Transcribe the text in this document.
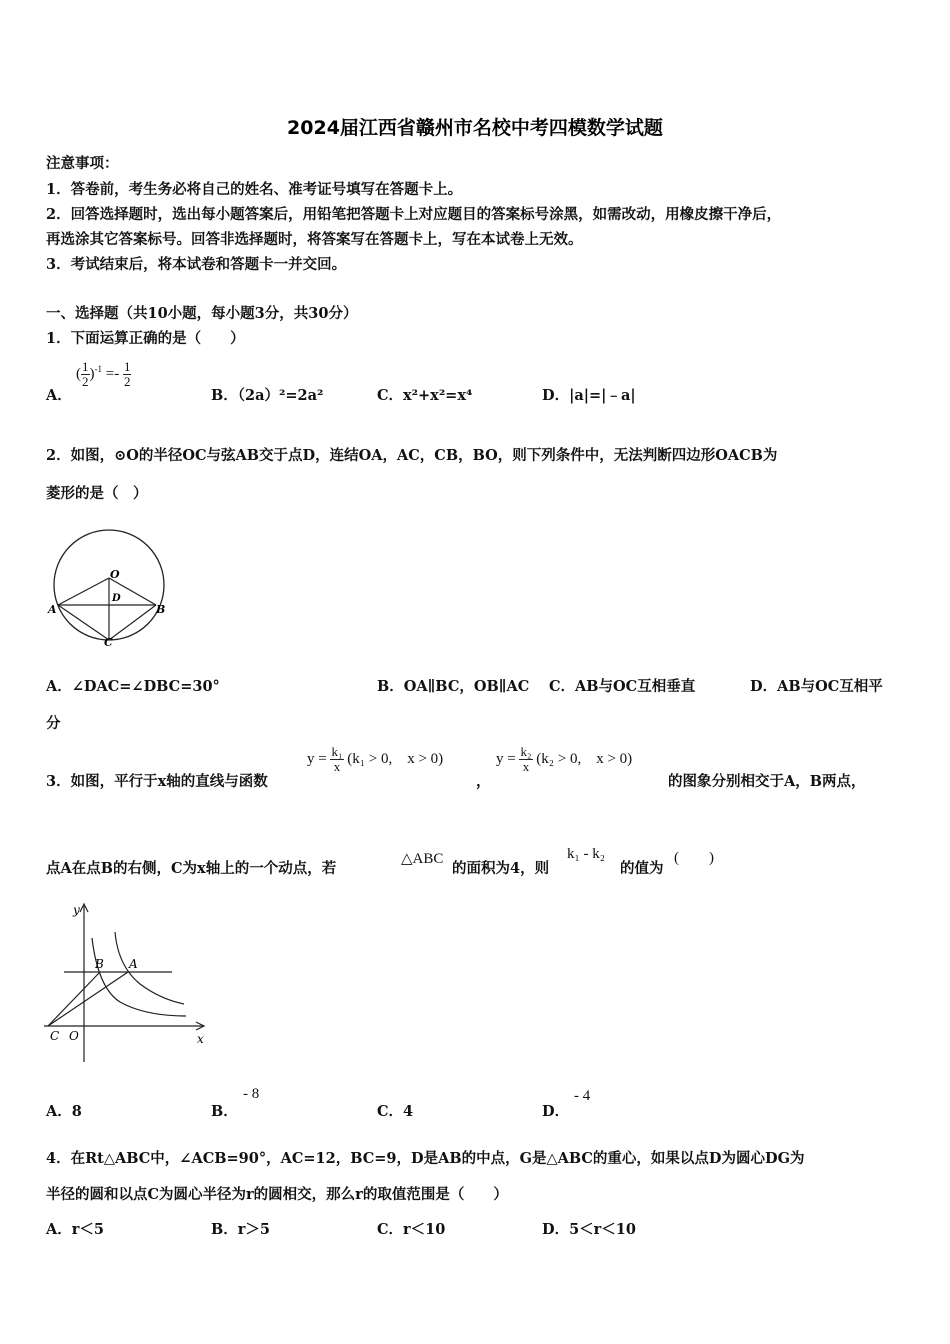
2024届江西省赣州市名校中考四模数学试题
注意事项：
1．答卷前，考生务必将自己的姓名、准考证号填写在答题卡上。
2．回答选择题时，选出每小题答案后，用铅笔把答题卡上对应题目的答案标号涂黑，如需改动，用橡皮擦干净后，
再选涂其它答案标号。回答非选择题时，将答案写在答题卡上，写在本试卷上无效。
3．考试结束后，将本试卷和答题卡一并交回。
一、选择题（共10小题，每小题3分，共30分）
1．下面运算正确的是（　　）
A．
( $\frac{1}{2} )^{-1} =- \frac{1}{2}$
B．（2a）²=2a²	C．x²+x²=x⁴	D．|a|=|﹣a|
2．如图，⊙O的半径OC与弦AB交于点D，连结OA，AC，CB，BO，则下列条件中，无法判断四边形OACB为
菱形的是（　）
O
A	B
C
D
A．∠DAC=∠DBC=30°	B．OA∥BC，OB∥AC C．AB与OC互相垂直	D．AB与OC互相平
分
3．如图，平行于x轴的直线与函数
$y = \frac{\text{k₁}}{x} (k_1 > 0$,　x > 0)
，
$y = \frac{\text{k₂}}{x} (k_2 > 0$,　x > 0)
的图象分别相交于A，B两点，
点A在点B的右侧，C为x轴上的一个动点，若
△ABC
的面积为4，则
k₁ - k₂
的值为
(　　)
y
x
B A
C O
A．8	B．
- 8
C．4	D．
- 4
4．在Rt△ABC中，∠ACB=90°，AC=12，BC=9，D是AB的中点，G是△ABC的重心，如果以点D为圆心DG为
半径的圆和以点C为圆心半径为r的圆相交，那么r的取值范围是（　　）
A．r＜5	B．r＞5	C．r＜10	D．5＜r＜10
